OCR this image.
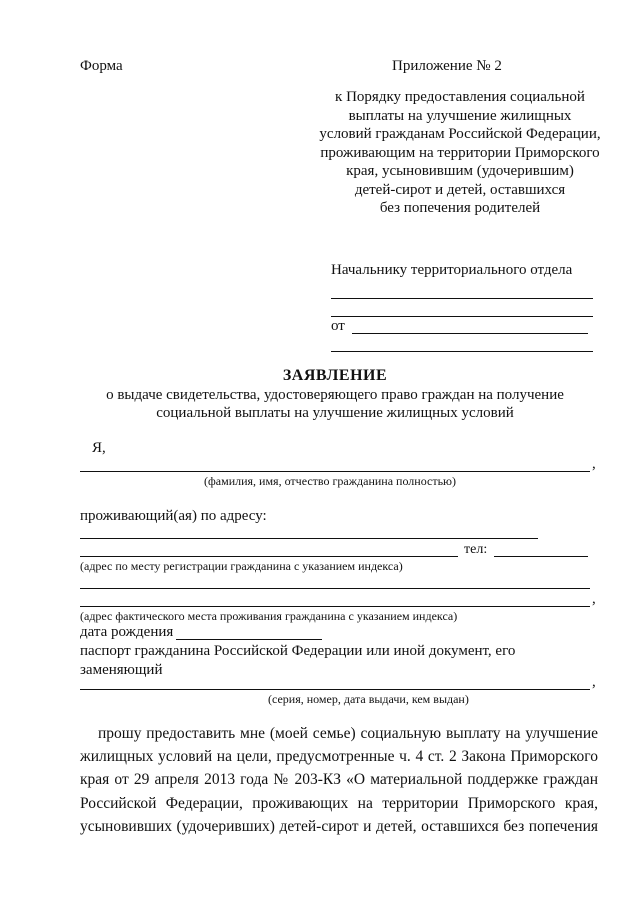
Форма	Приложение № 2
к Порядку предоставления социальной
выплаты на улучшение жилищных
условий гражданам Российской Федерации,
проживающим на территории Приморского
края, усыновившим (удочерившим)
детей-сирот и детей, оставшихся
без попечения родителей
Начальнику территориального отдела
от
ЗАЯВЛЕНИЕ
о выдаче свидетельства, удостоверяющего право граждан на получение
социальной выплаты на улучшение жилищных условий
Я,
,
(фамилия, имя, отчество гражданина полностью)
проживающий(ая) по адресу:
тел:
(адрес по месту регистрации гражданина с указанием индекса)
,
(адрес фактического места проживания гражданина с указанием индекса)
дата рождения
паспорт гражданина Российской Федерации или иной документ, его
заменяющий
,
(серия, номер, дата выдачи, кем выдан)
прошу предоставить мне (моей семье) социальную выплату на улучшение
жилищных условий на цели, предусмотренные ч. 4 ст. 2 Закона Приморского
края от 29 апреля 2013 года № 203-КЗ «О материальной поддержке граждан
Российской Федерации, проживающих на территории Приморского края,
усыновивших (удочеривших) детей-сирот и детей, оставшихся без попечения
